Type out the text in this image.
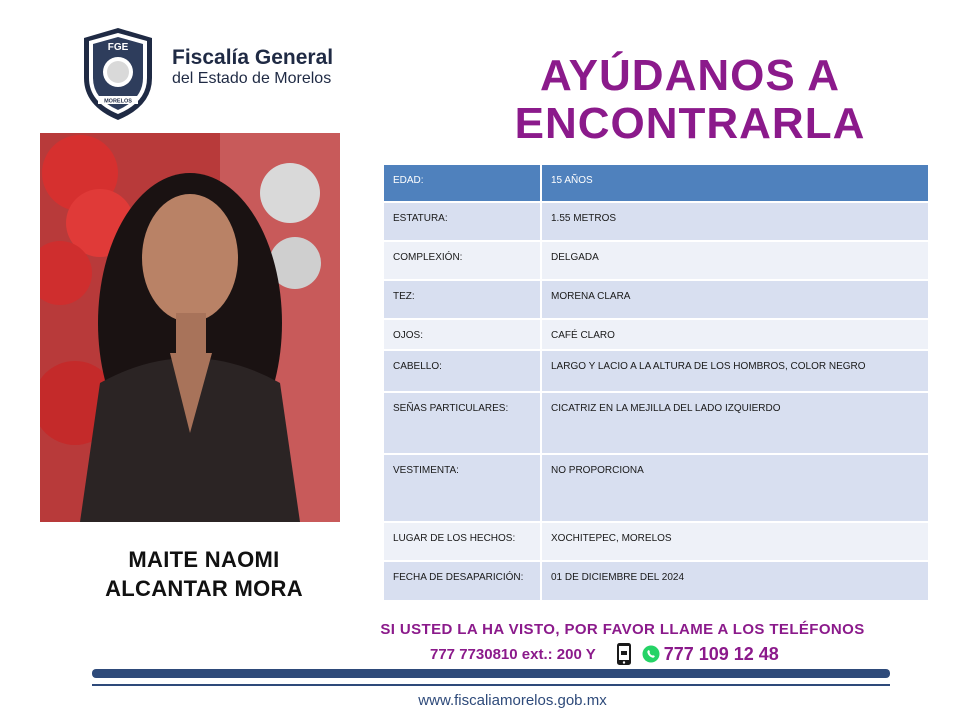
FGE
MORELOS
Fiscalía General
del Estado de Morelos	AYÚDANOS A
ENCONTRARLA
MAITE NAOMI
ALCANTAR MORA
EDAD:	15 AÑOS
ESTATURA:	1.55 METROS
COMPLEXIÓN:	DELGADA
TEZ:	MORENA CLARA
OJOS:	CAFÉ CLARO
CABELLO:	LARGO Y LACIO A LA ALTURA DE LOS HOMBROS, COLOR NEGRO
SEÑAS PARTICULARES:	CICATRIZ EN LA MEJILLA DEL LADO IZQUIERDO
VESTIMENTA:	NO PROPORCIONA
LUGAR DE LOS HECHOS:	XOCHITEPEC, MORELOS
FECHA DE DESAPARICIÓN:	01 DE DICIEMBRE DEL 2024
SI USTED LA HA VISTO, POR FAVOR LLAME A LOS TELÉFONOS
777 7730810 ext.: 200 Y	777 109 12 48
www.fiscaliamorelos.gob.mx
